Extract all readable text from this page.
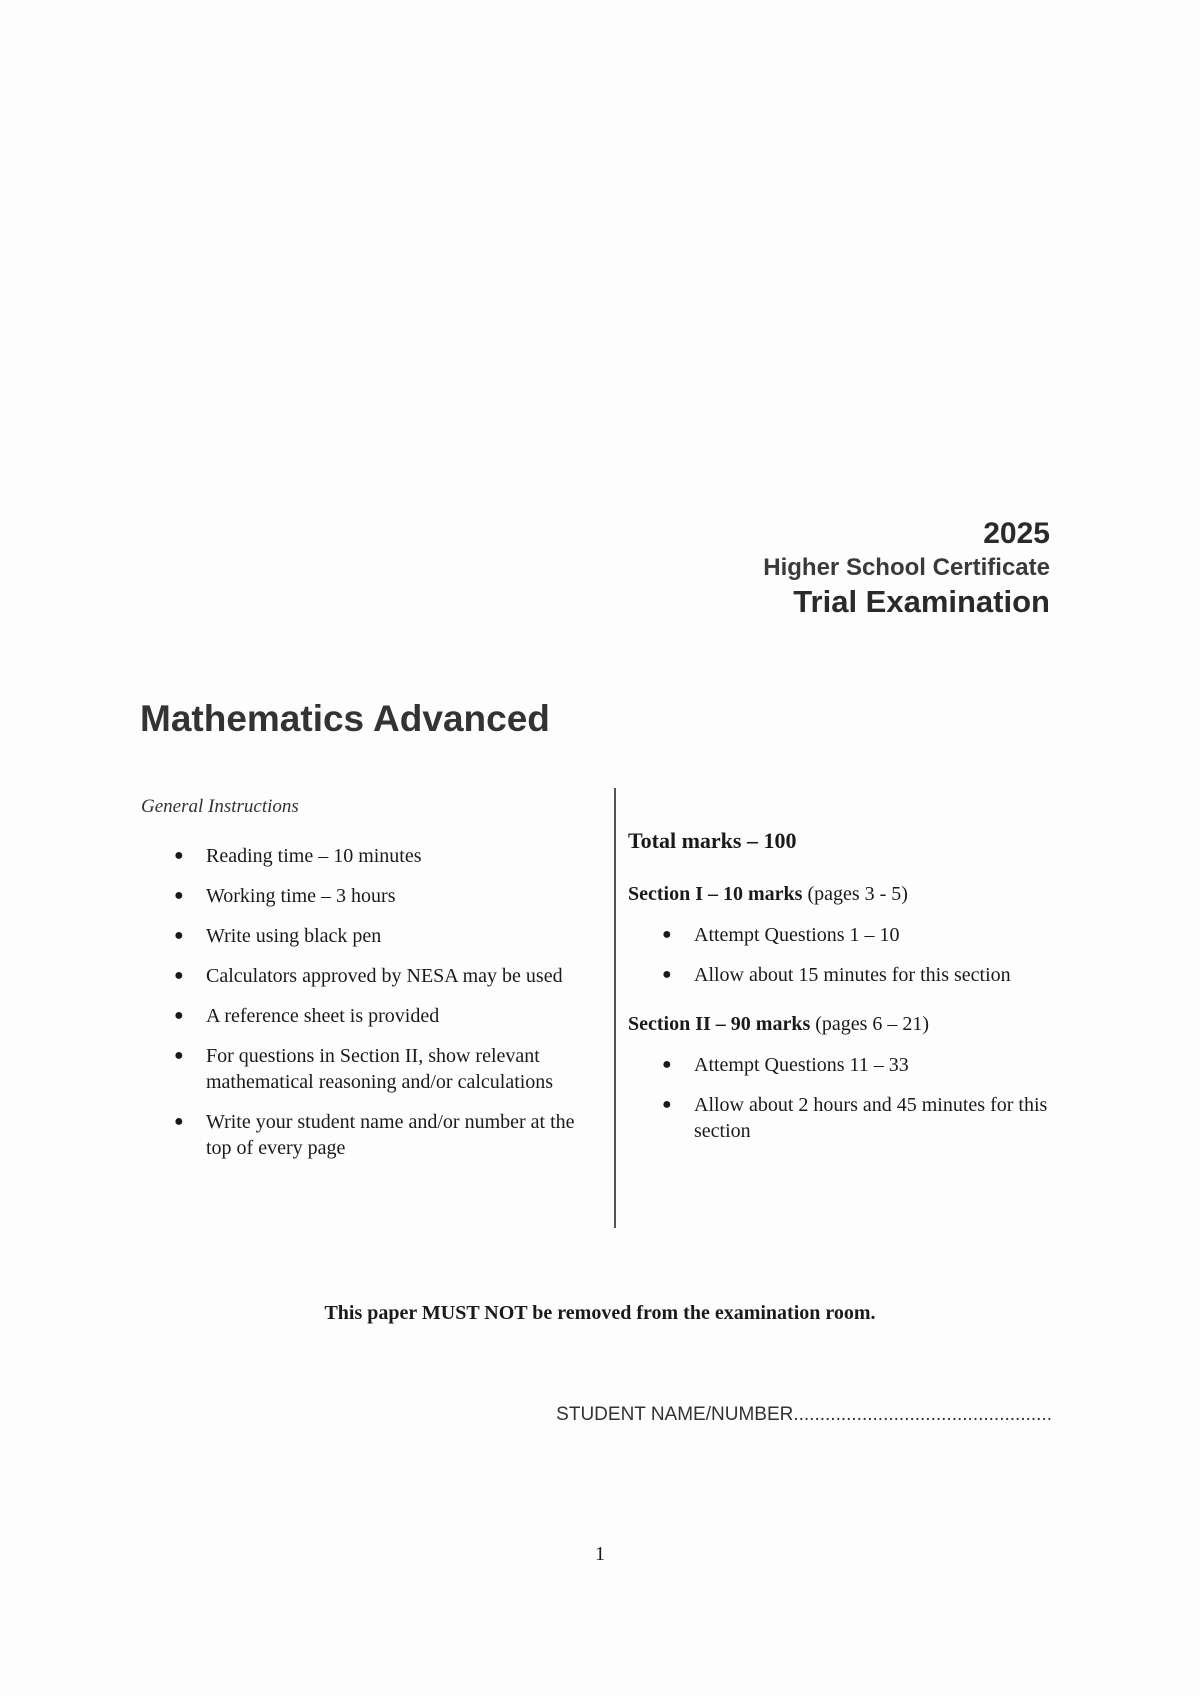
2025
Higher School Certificate
Trial Examination
Mathematics Advanced
General Instructions
● Reading time – 10 minutes
● Working time – 3 hours
● Write using black pen
● Calculators approved by NESA may be used
● A reference sheet is provided
● For questions in Section II, show relevant mathematical reasoning and/or calculations
● Write your student name and/or number at the top of every page
Total marks – 100
Section I – 10 marks (pages 3 - 5)
● Attempt Questions 1 – 10
● Allow about 15 minutes for this section
Section II – 90 marks (pages 6 – 21)
● Attempt Questions 11 – 33
● Allow about 2 hours and 45 minutes for this section
This paper MUST NOT be removed from the examination room.
STUDENT NAME/NUMBER.................................................
1
